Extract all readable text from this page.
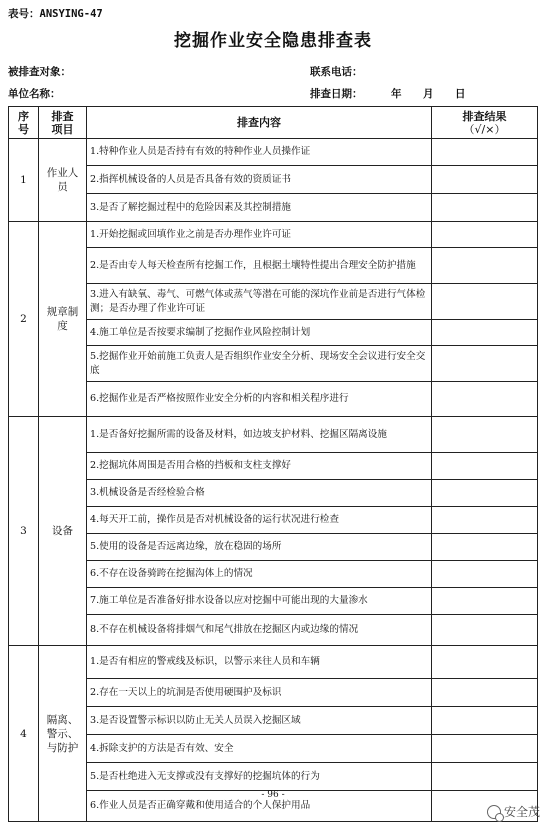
表号：ANSYING-47
挖掘作业安全隐患排查表
被排查对象：	联系电话：
单位名称：	排查日期：	年 月 日
序号	排查项目	排查内容	排查结果
（√/×）

1	作业人员	1.特种作业人员是否持有有效的特种作业人员操作证	
		2.指挥机械设备的人员是否具备有效的资质证书	
		3.是否了解挖掘过程中的危险因素及其控制措施	
2	规章制度	1.开始挖掘或回填作业之前是否办理作业许可证	
		2.是否由专人每天检查所有挖掘工作，且根据土壤特性提出合理安全防护措施	
		3.进入有缺氧、毒气、可燃气体或蒸气等潜在可能的深坑作业前是否进行气体检测；是否办理了作业许可证	
		4.施工单位是否按要求编制了挖掘作业风险控制计划	
		5.挖掘作业开始前施工负责人是否组织作业安全分析、现场安全会议进行安全交底	
		6.挖掘作业是否严格按照作业安全分析的内容和相关程序进行	
3	设备	1.是否备好挖掘所需的设备及材料，如边坡支护材料、挖掘区隔离设施	
		2.挖掘坑体周围是否用合格的挡板和支柱支撑好	
		3.机械设备是否经检验合格	
		4.每天开工前，操作员是否对机械设备的运行状况进行检查	
		5.使用的设备是否远离边缘，放在稳固的场所	
		6.不存在设备骑跨在挖掘沟体上的情况	
		7.施工单位是否准备好排水设备以应对挖掘中可能出现的大量渗水	
		8.不存在机械设备将排烟气和尾气排放在挖掘区内或边缘的情况	
4	隔离、警示、与防护	1.是否有相应的警戒线及标识，以警示来往人员和车辆	
		2.存在一天以上的坑洞是否使用硬围护及标识	
		3.是否设置警示标识以防止无关人员误入挖掘区域	
		4.拆除支护的方法是否有效、安全	
		5.是否杜绝进入无支撑或没有支撑好的挖掘坑体的行为	
		6.作业人员是否正确穿戴和使用适合的个人保护用品	
- 96 -
安全茂
